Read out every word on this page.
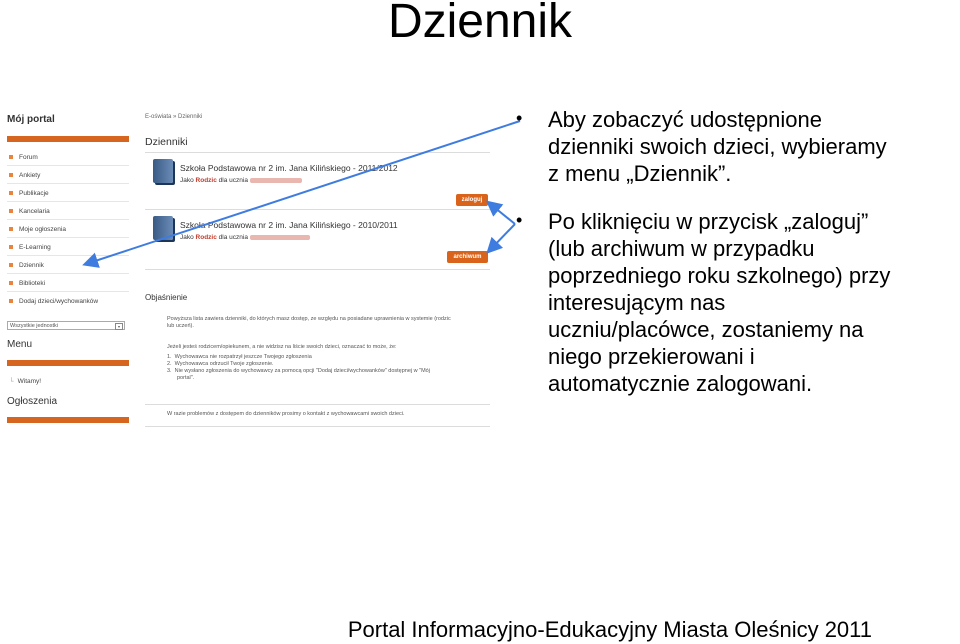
Dziennik
Mój portal
Forum
Ankiety
Publikacje
Kancelaria
Moje ogłoszenia
E-Learning
Dziennik
Biblioteki
Dodaj dzieci/wychowanków
Wszystkie jednostki	▾
Menu
└ Witamy!
Ogłoszenia
E-oświata » Dzienniki
Dzienniki
Szkoła Podstawowa nr 2 im. Jana Kilińskiego - 2011/2012
Jako Rodzic dla ucznia
zaloguj
Szkoła Podstawowa nr 2 im. Jana Kilińskiego - 2010/2011
Jako Rodzic dla ucznia
archiwum
Objaśnienie
Powyższa lista zawiera dzienniki, do których masz dostęp, ze względu na posiadane uprawnienia w systemie (rodzic
lub uczeń).
Jeżeli jesteś rodzicem/opiekunem, a nie widzisz na liście swoich dzieci, oznaczać to może, że:
1.  Wychowawca nie rozpatrzył jeszcze Twojego zgłoszenia
2.  Wychowawca odrzucił Twoje zgłoszenie.
3.  Nie wysłano zgłoszenia do wychowawcy za pomocą opcji "Dodaj dzieci/wychowanków" dostępnej w "Mój
portal".
W razie problemów z dostępem do dzienników prosimy o kontakt z wychowawcami swoich dzieci.
• Aby zobaczyć udostępnione
dzienniki swoich dzieci, wybieramy
z menu „Dziennik”.
• Po kliknięciu w przycisk „zaloguj”
(lub archiwum w przypadku
poprzedniego roku szkolnego) przy
interesującym nas
uczniu/placówce, zostaniemy na
niego przekierowani i
automatycznie zalogowani.
Portal Informacyjno-Edukacyjny Miasta Oleśnicy 2011
